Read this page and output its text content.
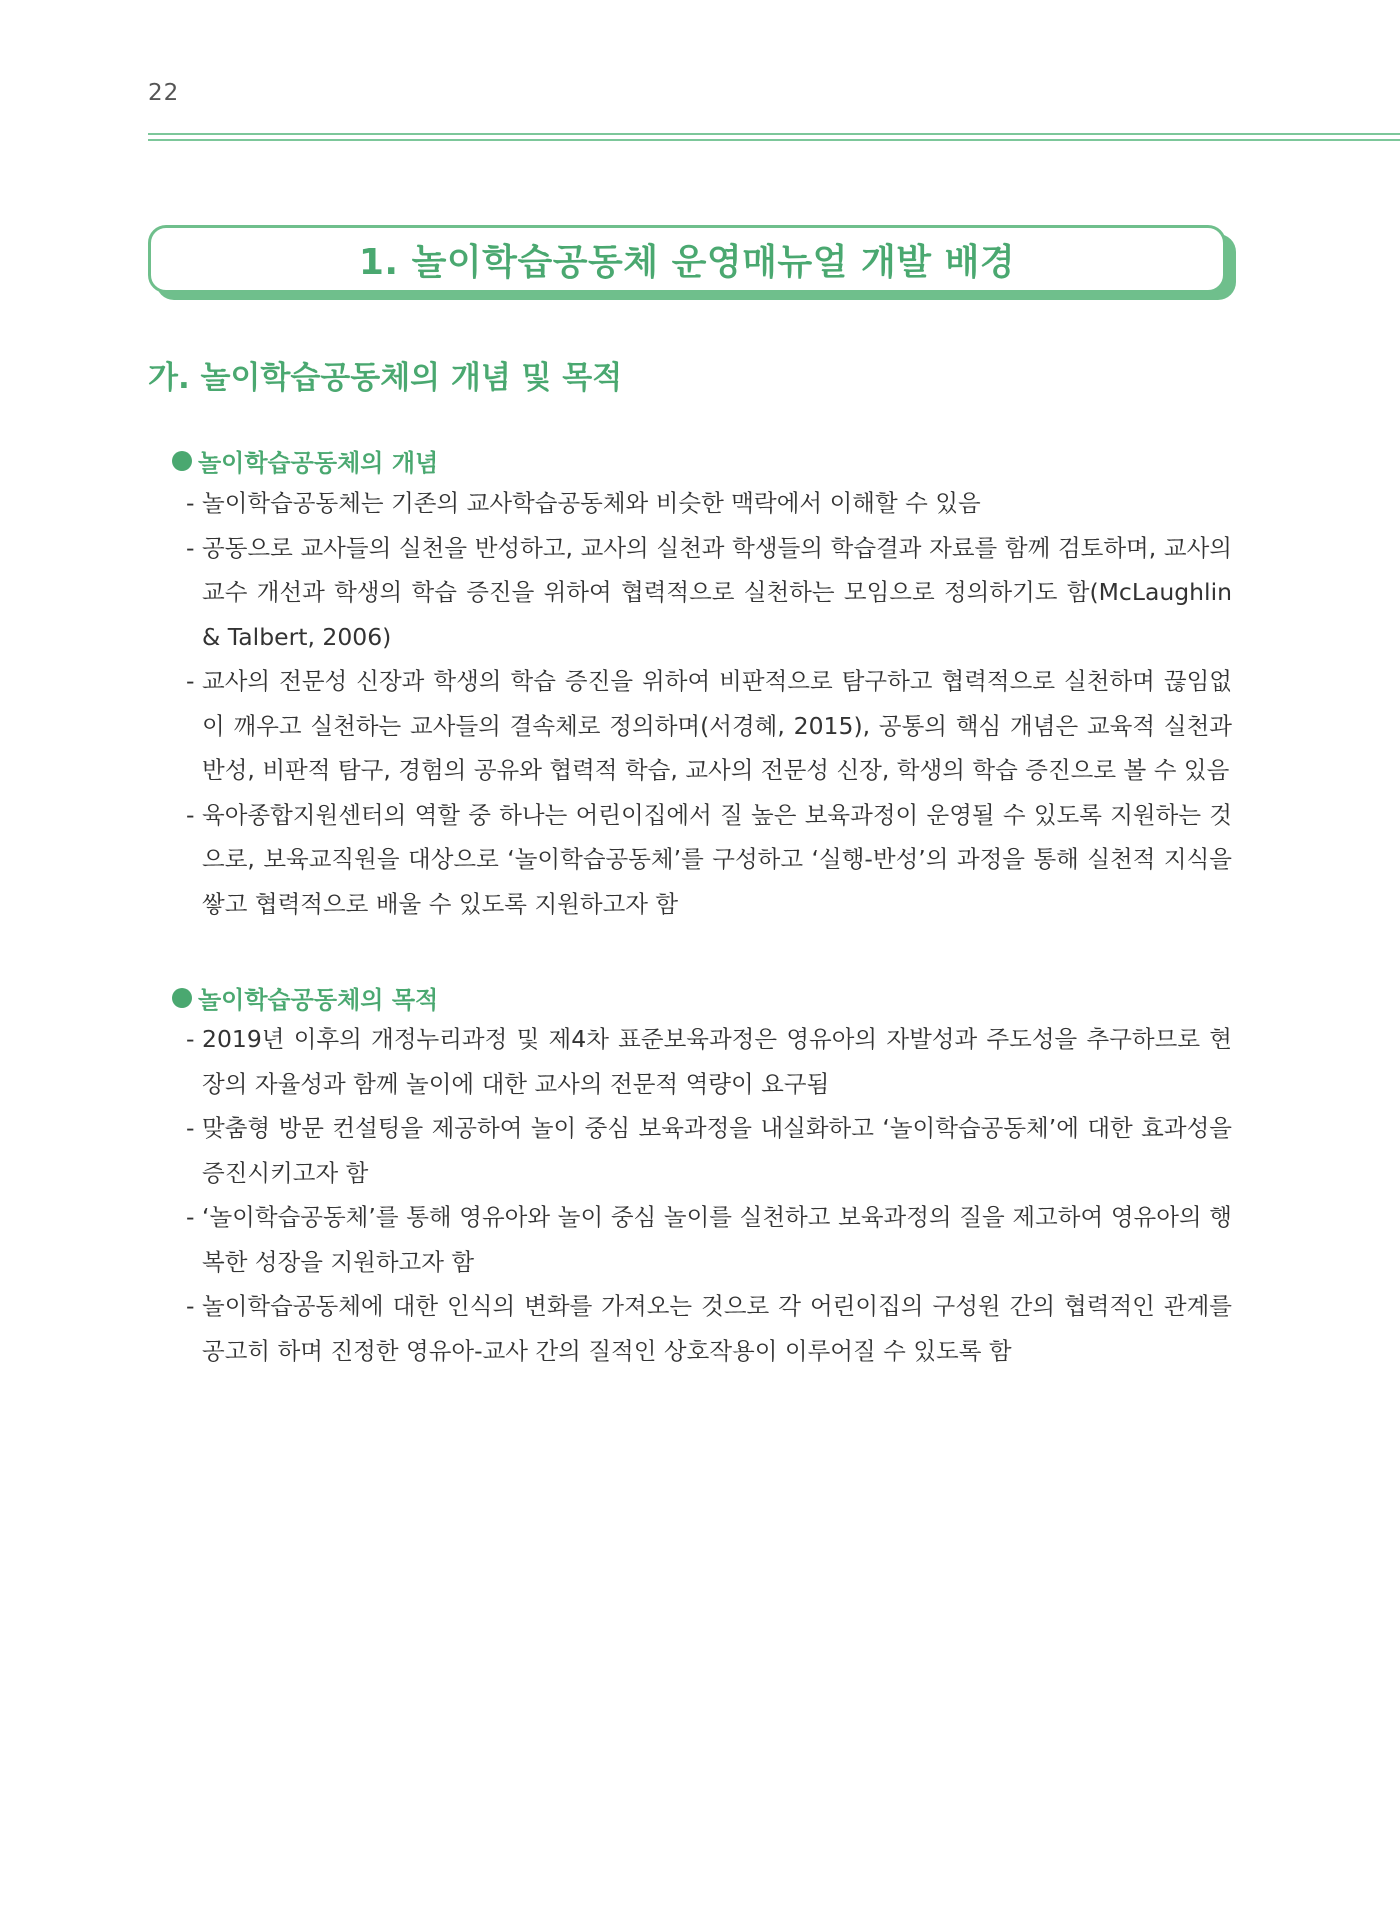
22
1. 놀이학습공동체 운영매뉴얼 개발 배경
가. 놀이학습공동체의 개념 및 목적
놀이학습공동체의 개념
- 놀이학습공동체는 기존의 교사학습공동체와 비슷한 맥락에서 이해할 수 있음
- 공동으로 교사들의 실천을 반성하고, 교사의 실천과 학생들의 학습결과 자료를 함께 검토하며, 교사의 교수 개선과 학생의 학습 증진을 위하여 협력적으로 실천하는 모임으로 정의하기도 함(McLaughlin & Talbert, 2006)
- 교사의 전문성 신장과 학생의 학습 증진을 위하여 비판적으로 탐구하고 협력적으로 실천하며 끊임없이 깨우고 실천하는 교사들의 결속체로 정의하며(서경혜, 2015), 공통의 핵심 개념은 교육적 실천과 반성, 비판적 탐구, 경험의 공유와 협력적 학습, 교사의 전문성 신장, 학생의 학습 증진으로 볼 수 있음
- 육아종합지원센터의 역할 중 하나는 어린이집에서 질 높은 보육과정이 운영될 수 있도록 지원하는 것으로, 보육교직원을 대상으로 ‘놀이학습공동체’를 구성하고 ‘실행-반성’의 과정을 통해 실천적 지식을 쌓고 협력적으로 배울 수 있도록 지원하고자 함
놀이학습공동체의 목적
- 2019년 이후의 개정누리과정 및 제4차 표준보육과정은 영유아의 자발성과 주도성을 추구하므로 현장의 자율성과 함께 놀이에 대한 교사의 전문적 역량이 요구됨
- 맞춤형 방문 컨설팅을 제공하여 놀이 중심 보육과정을 내실화하고 ‘놀이학습공동체’에 대한 효과성을 증진시키고자 함
- ‘놀이학습공동체’를 통해 영유아와 놀이 중심 놀이를 실천하고 보육과정의 질을 제고하여 영유아의 행복한 성장을 지원하고자 함
- 놀이학습공동체에 대한 인식의 변화를 가져오는 것으로 각 어린이집의 구성원 간의 협력적인 관계를 공고히 하며 진정한 영유아-교사 간의 질적인 상호작용이 이루어질 수 있도록 함
